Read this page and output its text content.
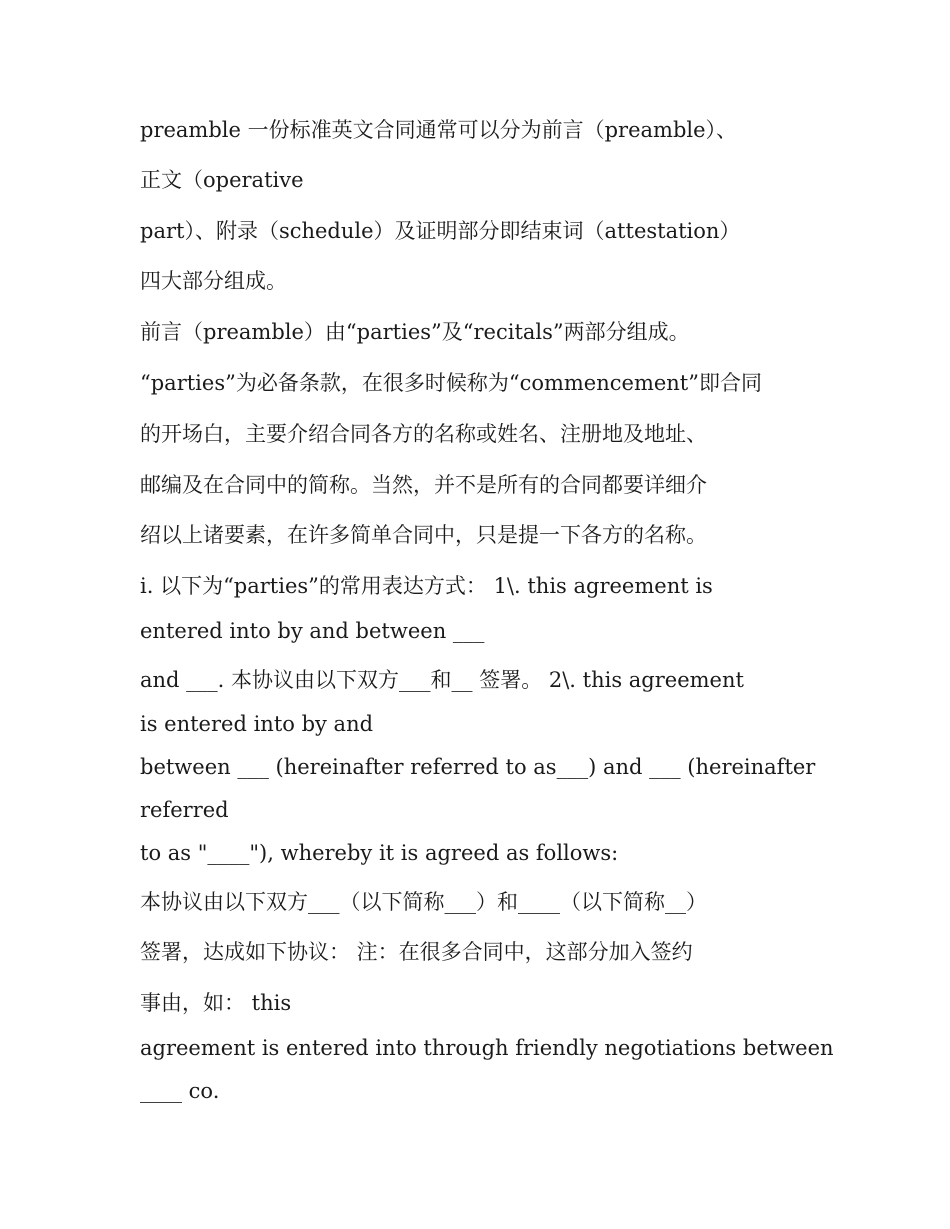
preamble 一份标准英文合同通常可以分为前言（preamble）、
正文（operative
part）、附录（schedule）及证明部分即结束词（attestation）
四大部分组成。
前言（preamble）由“parties”及“recitals”两部分组成。
“parties”为必备条款，在很多时候称为“commencement”即合同
的开场白，主要介绍合同各方的名称或姓名、注册地及地址、
邮编及在合同中的简称。当然，并不是所有的合同都要详细介
绍以上诸要素，在许多简单合同中，只是提一下各方的名称。
i. 以下为“parties”的常用表达方式： 1\. this agreement is
entered into by and between ___
and ___. 本协议由以下双方___和__ 签署。 2\. this agreement
is entered into by and
between ___ (hereinafter referred to as___) and ___ (hereinafter
referred
to as "____"), whereby it is agreed as follows:
本协议由以下双方___（以下简称___）和____（以下简称__）
签署，达成如下协议： 注：在很多合同中，这部分加入签约
事由，如： this
agreement is entered into through friendly negotiations between
____ co.
